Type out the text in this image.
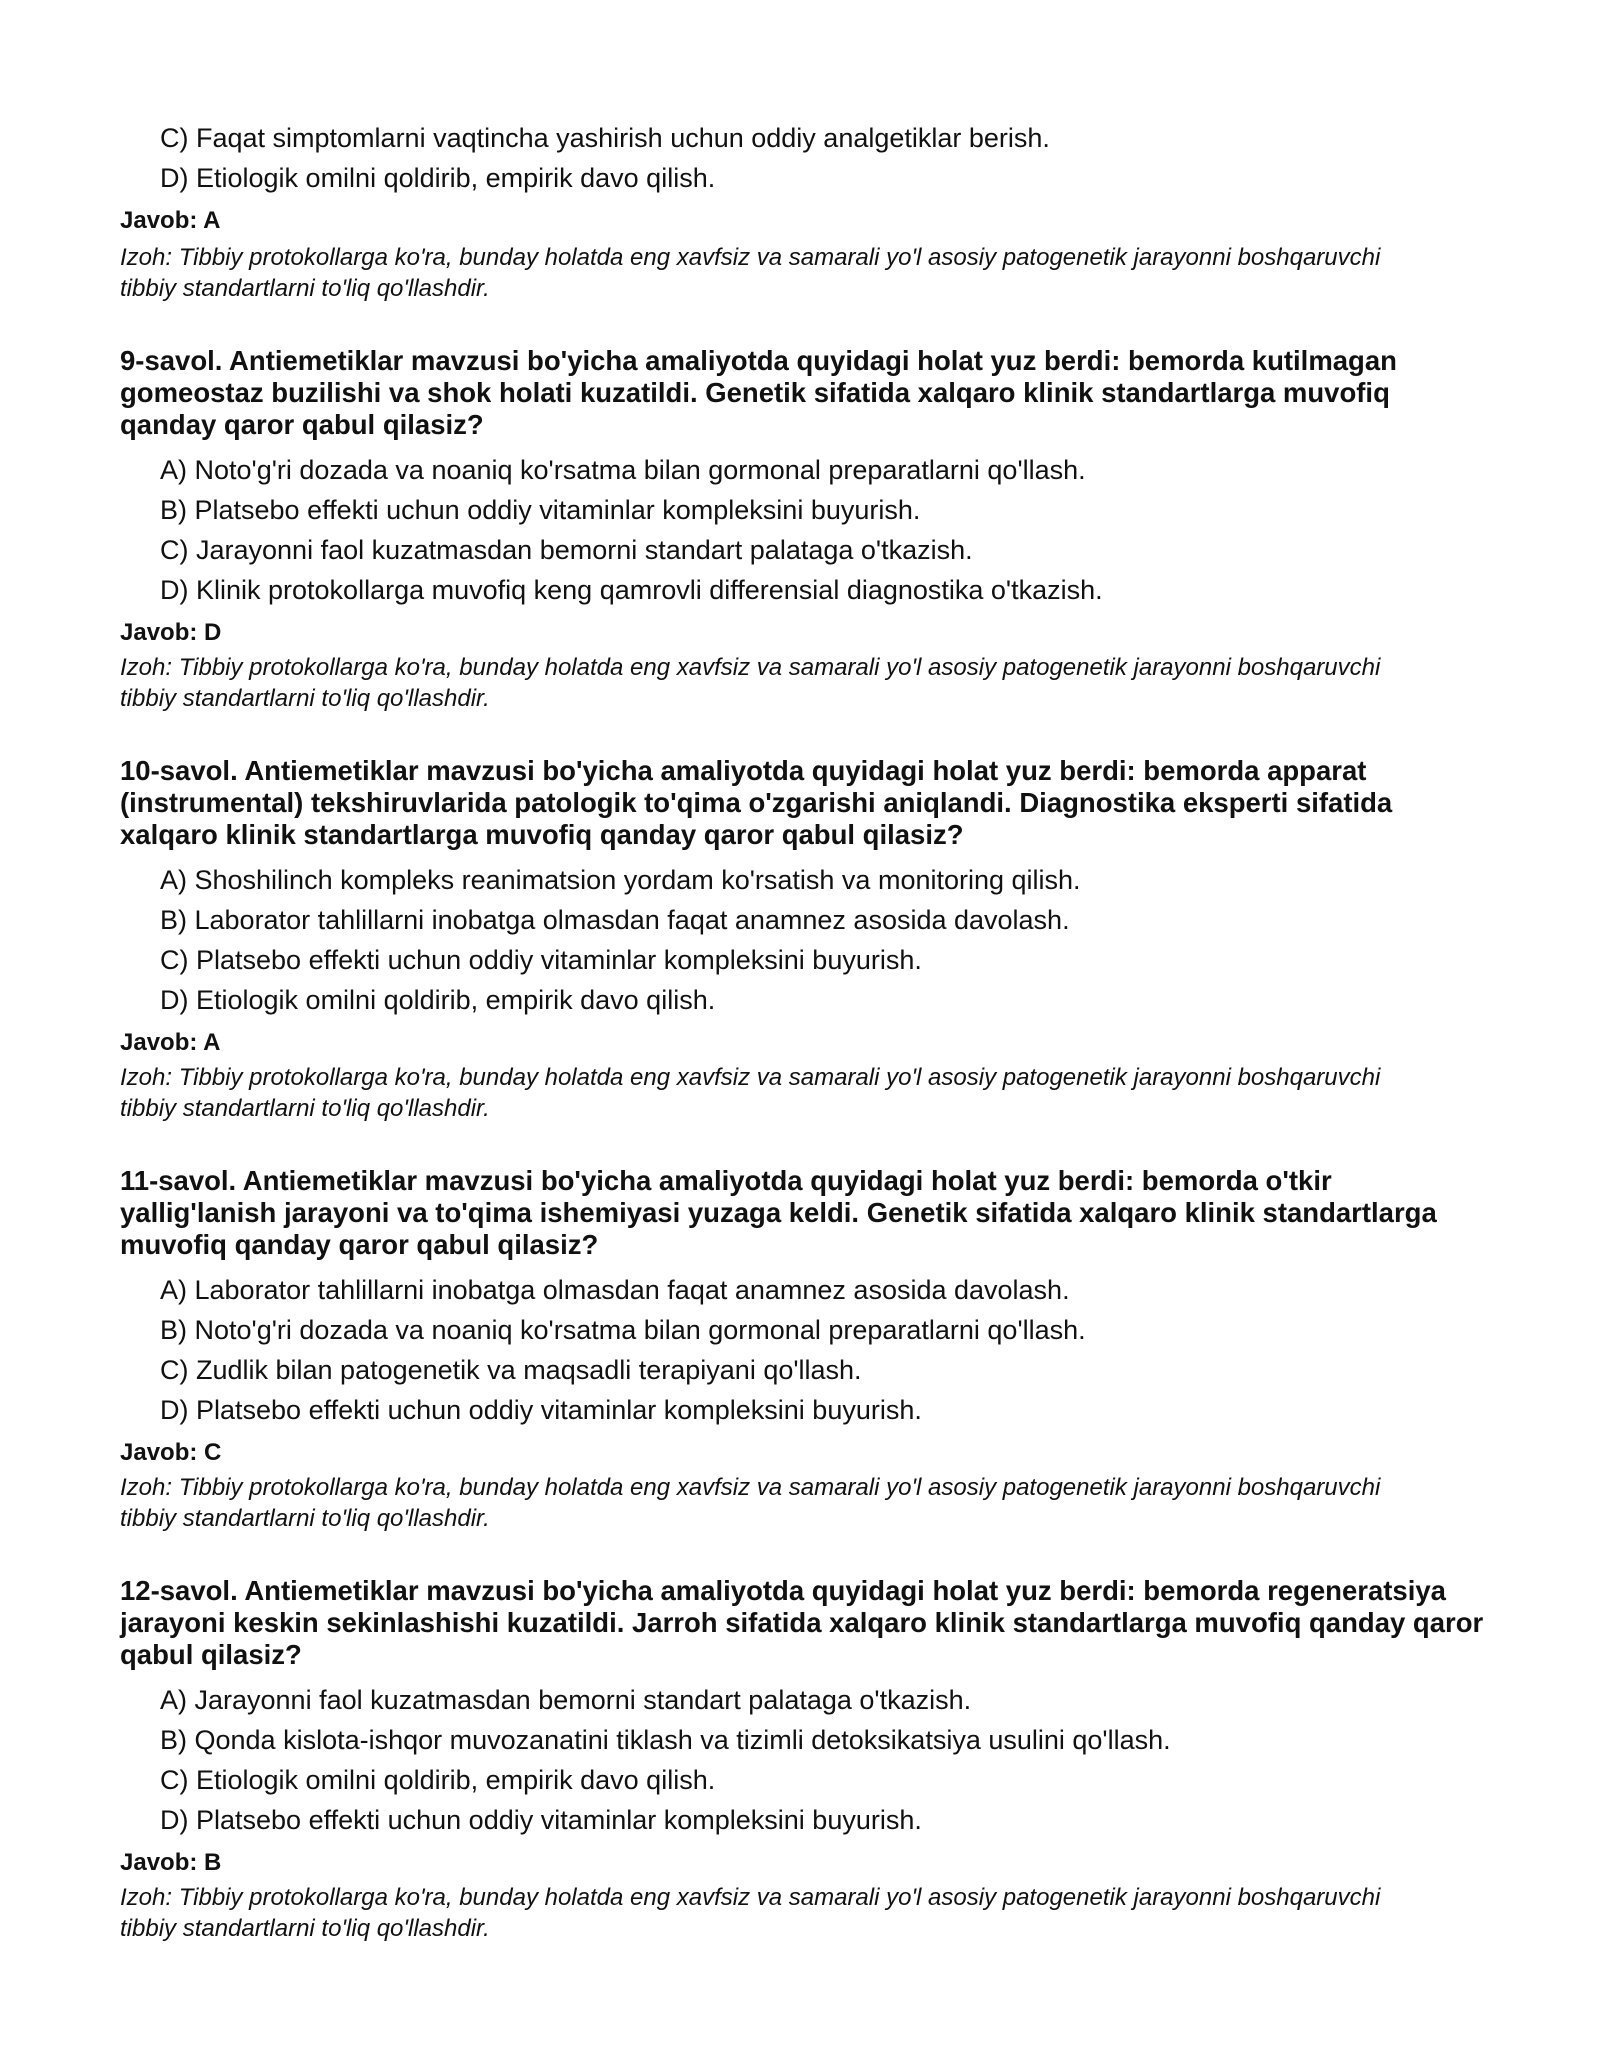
C) Faqat simptomlarni vaqtincha yashirish uchun oddiy analgetiklar berish.
D) Etiologik omilni qoldirib, empirik davo qilish.
Javob: A
Izoh: Tibbiy protokollarga ko'ra, bunday holatda eng xavfsiz va samarali yo'l asosiy patogenetik jarayonni boshqaruvchi tibbiy standartlarni to'liq qo'llashdir.
9-savol. Antiemetiklar mavzusi bo'yicha amaliyotda quyidagi holat yuz berdi: bemorda kutilmagan gomeostaz buzilishi va shok holati kuzatildi. Genetik sifatida xalqaro klinik standartlarga muvofiq qanday qaror qabul qilasiz?
A) Noto'g'ri dozada va noaniq ko'rsatma bilan gormonal preparatlarni qo'llash.
B) Platsebo effekti uchun oddiy vitaminlar kompleksini buyurish.
C) Jarayonni faol kuzatmasdan bemorni standart palataga o'tkazish.
D) Klinik protokollarga muvofiq keng qamrovli differensial diagnostika o'tkazish.
Javob: D
Izoh: Tibbiy protokollarga ko'ra, bunday holatda eng xavfsiz va samarali yo'l asosiy patogenetik jarayonni boshqaruvchi tibbiy standartlarni to'liq qo'llashdir.
10-savol. Antiemetiklar mavzusi bo'yicha amaliyotda quyidagi holat yuz berdi: bemorda apparat (instrumental) tekshiruvlarida patologik to'qima o'zgarishi aniqlandi. Diagnostika eksperti sifatida xalqaro klinik standartlarga muvofiq qanday qaror qabul qilasiz?
A) Shoshilinch kompleks reanimatsion yordam ko'rsatish va monitoring qilish.
B) Laborator tahlillarni inobatga olmasdan faqat anamnez asosida davolash.
C) Platsebo effekti uchun oddiy vitaminlar kompleksini buyurish.
D) Etiologik omilni qoldirib, empirik davo qilish.
Javob: A
Izoh: Tibbiy protokollarga ko'ra, bunday holatda eng xavfsiz va samarali yo'l asosiy patogenetik jarayonni boshqaruvchi tibbiy standartlarni to'liq qo'llashdir.
11-savol. Antiemetiklar mavzusi bo'yicha amaliyotda quyidagi holat yuz berdi: bemorda o'tkir yallig'lanish jarayoni va to'qima ishemiyasi yuzaga keldi. Genetik sifatida xalqaro klinik standartlarga muvofiq qanday qaror qabul qilasiz?
A) Laborator tahlillarni inobatga olmasdan faqat anamnez asosida davolash.
B) Noto'g'ri dozada va noaniq ko'rsatma bilan gormonal preparatlarni qo'llash.
C) Zudlik bilan patogenetik va maqsadli terapiyani qo'llash.
D) Platsebo effekti uchun oddiy vitaminlar kompleksini buyurish.
Javob: C
Izoh: Tibbiy protokollarga ko'ra, bunday holatda eng xavfsiz va samarali yo'l asosiy patogenetik jarayonni boshqaruvchi tibbiy standartlarni to'liq qo'llashdir.
12-savol. Antiemetiklar mavzusi bo'yicha amaliyotda quyidagi holat yuz berdi: bemorda regeneratsiya jarayoni keskin sekinlashishi kuzatildi. Jarroh sifatida xalqaro klinik standartlarga muvofiq qanday qaror qabul qilasiz?
A) Jarayonni faol kuzatmasdan bemorni standart palataga o'tkazish.
B) Qonda kislota-ishqor muvozanatini tiklash va tizimli detoksikatsiya usulini qo'llash.
C) Etiologik omilni qoldirib, empirik davo qilish.
D) Platsebo effekti uchun oddiy vitaminlar kompleksini buyurish.
Javob: B
Izoh: Tibbiy protokollarga ko'ra, bunday holatda eng xavfsiz va samarali yo'l asosiy patogenetik jarayonni boshqaruvchi tibbiy standartlarni to'liq qo'llashdir.
